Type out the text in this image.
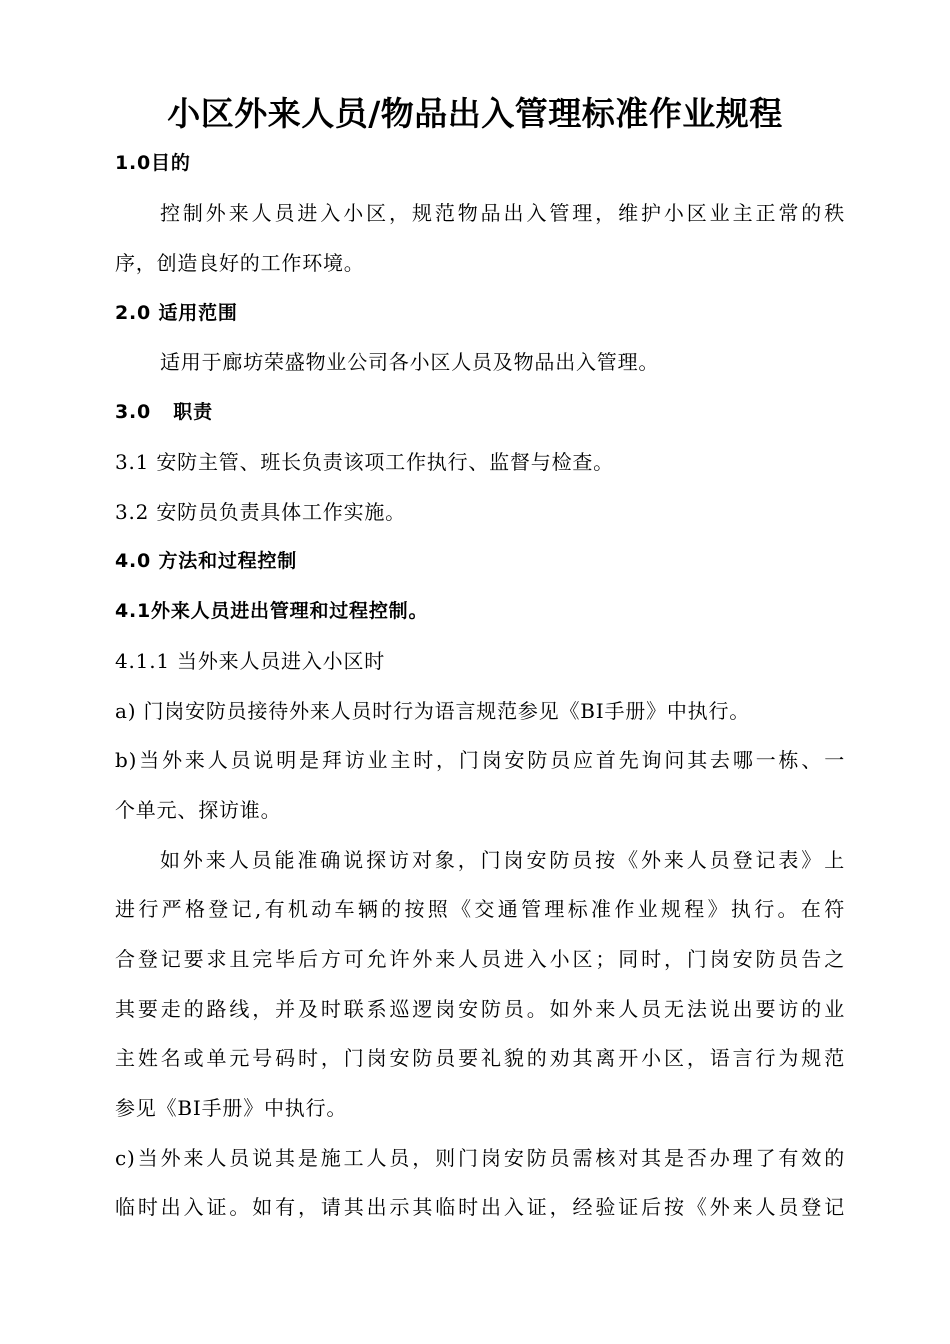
小区外来人员/物品出入管理标准作业规程
1.0目的
控制外来人员进入小区，规范物品出入管理，维护小区业主正常的秩
序，创造良好的工作环境。
2.0 适用范围
适用于廊坊荣盛物业公司各小区人员及物品出入管理。
3.0   职责
3.1 安防主管、班长负责该项工作执行、监督与检查。
3.2 安防员负责具体工作实施。
4.0 方法和过程控制
4.1外来人员进出管理和过程控制。
4.1.1 当外来人员进入小区时
a) 门岗安防员接待外来人员时行为语言规范参见《BI手册》中执行。
b)当外来人员说明是拜访业主时，门岗安防员应首先询问其去哪一栋、一
个单元、探访谁。
如外来人员能准确说探访对象，门岗安防员按《外来人员登记表》上
进行严格登记,有机动车辆的按照《交通管理标准作业规程》执行。在符
合登记要求且完毕后方可允许外来人员进入小区；同时，门岗安防员告之
其要走的路线，并及时联系巡逻岗安防员。如外来人员无法说出要访的业
主姓名或单元号码时，门岗安防员要礼貌的劝其离开小区，语言行为规范
参见《BI手册》中执行。
c)当外来人员说其是施工人员，则门岗安防员需核对其是否办理了有效的
临时出入证。如有，请其出示其临时出入证，经验证后按《外来人员登记
